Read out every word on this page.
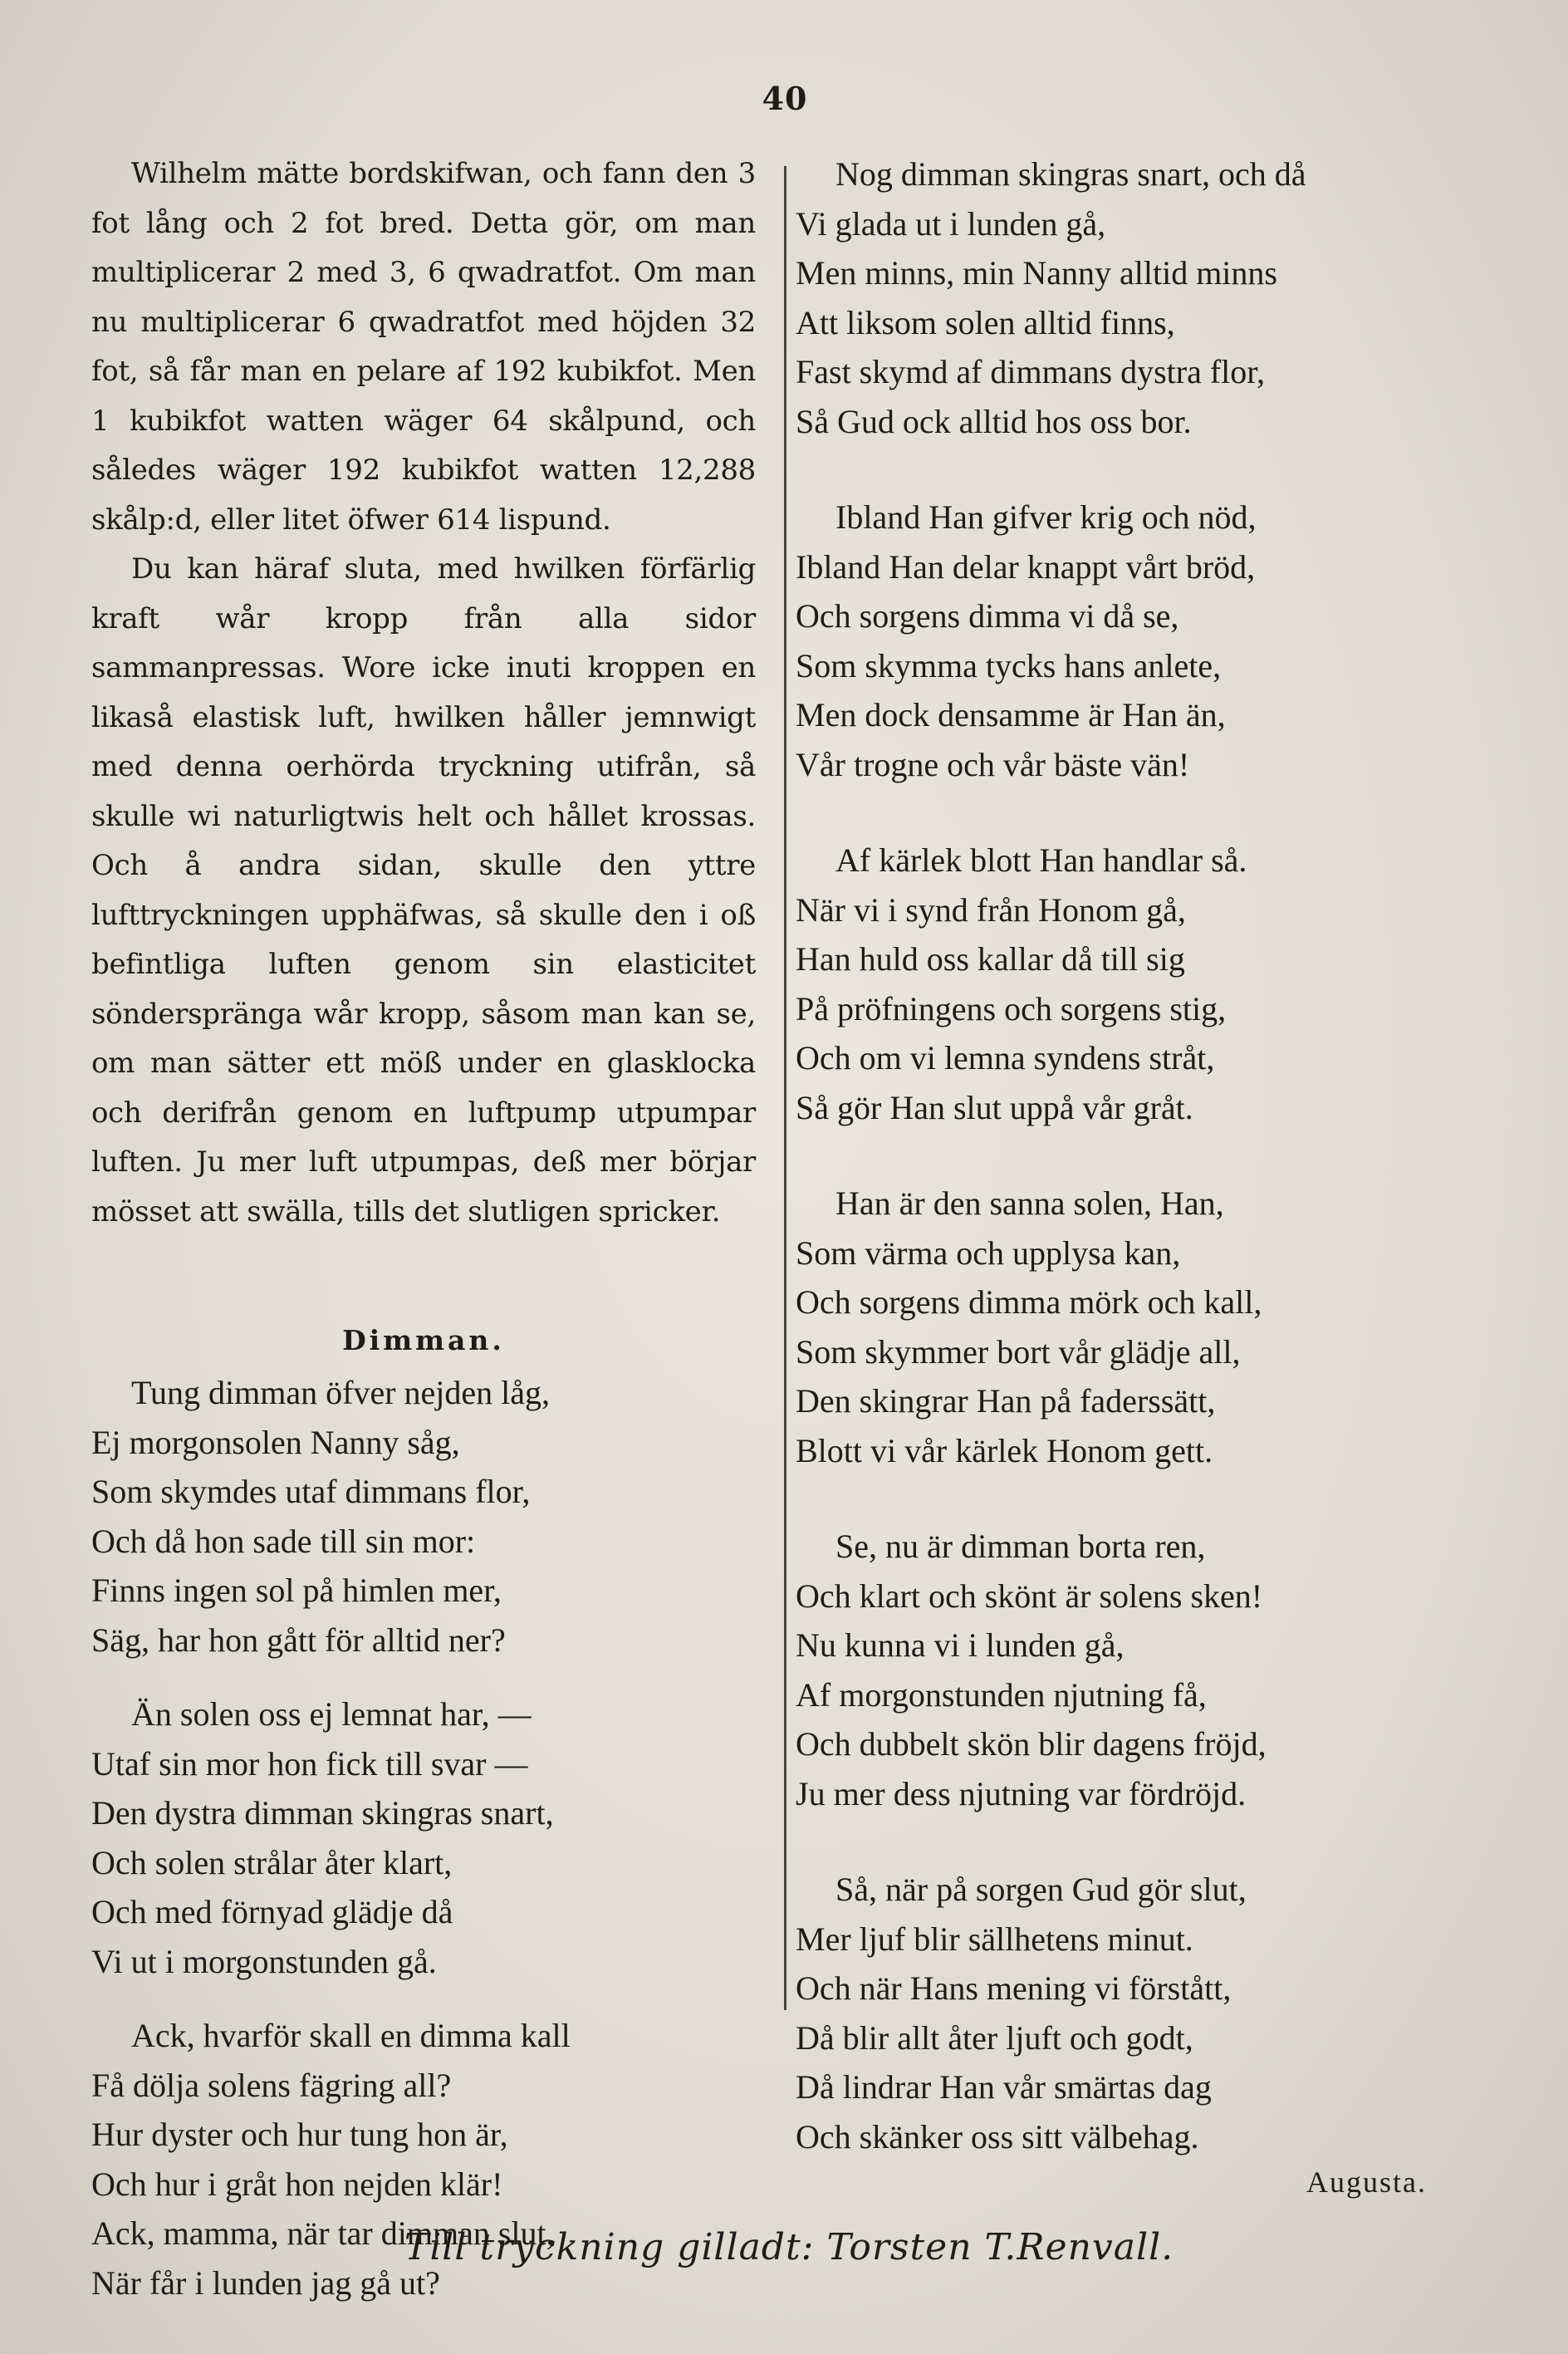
40

Wilhelm mätte bordskifwan, och fann den 3 fot lång och 2 fot bred. Detta gör, om man multiplicerar 2 med 3, 6 qwadratfot. Om man nu multiplicerar 6 qwadratfot med höjden 32 fot, så får man en pelare af 192 kubikfot. Men 1 kubikfot watten wäger 64 skålpund, och således wäger 192 kubikfot watten 12,288 skålp:d, eller litet öfwer 614 lispund.

Du kan häraf sluta, med hwilken förfärlig kraft wår kropp från alla sidor sammanpressas. Wore icke inuti kroppen en likaså elastisk luft, hwilken håller jemnwigt med denna oerhörda tryckning utifrån, så skulle wi naturligtwis helt och hållet krossas. Och å andra sidan, skulle den yttre lufttryckningen upphäfwas, så skulle den i oß befintliga luften genom sin elasticitet sönderspränga wår kropp, såsom man kan se, om man sätter ett möß under en glasklocka och derifrån genom en luftpump utpumpar luften. Ju mer luft utpumpas, deß mer börjar mösset att swälla, tills det slutligen spricker.

Dimman.
Tung dimman öfver nejden låg,
Ej morgonsolen Nanny såg,
Som skymdes utaf dimmans flor,
Och då hon sade till sin mor:
Finns ingen sol på himlen mer,
Säg, har hon gått för alltid ner?
Än solen oss ej lemnat har, —
Utaf sin mor hon fick till svar —
Den dystra dimman skingras snart,
Och solen strålar åter klart,
Och med förnyad glädje då
Vi ut i morgonstunden gå.
Ack, hvarför skall en dimma kall
Få dölja solens fägring all?
Hur dyster och hur tung hon är,
Och hur i gråt hon nejden klär!
Ack, mamma, när tar dimman slut,
När får i lunden jag gå ut?
Nog dimman skingras snart, och då
Vi glada ut i lunden gå,
Men minns, min Nanny alltid minns
Att liksom solen alltid finns,
Fast skymd af dimmans dystra flor,
Så Gud ock alltid hos oss bor.
Ibland Han gifver krig och nöd,
Ibland Han delar knappt vårt bröd,
Och sorgens dimma vi då se,
Som skymma tycks hans anlete,
Men dock densamme är Han än,
Vår trogne och vår bäste vän!
Af kärlek blott Han handlar så.
När vi i synd från Honom gå,
Han huld oss kallar då till sig
På pröfningens och sorgens stig,
Och om vi lemna syndens stråt,
Så gör Han slut uppå vår gråt.
Han är den sanna solen, Han,
Som värma och upplysa kan,
Och sorgens dimma mörk och kall,
Som skymmer bort vår glädje all,
Den skingrar Han på faderssätt,
Blott vi vår kärlek Honom gett.
Se, nu är dimman borta ren,
Och klart och skönt är solens sken!
Nu kunna vi i lunden gå,
Af morgonstunden njutning få,
Och dubbelt skön blir dagens fröjd,
Ju mer dess njutning var fördröjd.
Så, när på sorgen Gud gör slut,
Mer ljuf blir sällhetens minut.
Och när Hans mening vi förstått,
Då blir allt åter ljuft och godt,
Då lindrar Han vår smärtas dag
Och skänker oss sitt välbehag.
Augusta.
Till tryckning gilladt: Torsten T.Renvall.
